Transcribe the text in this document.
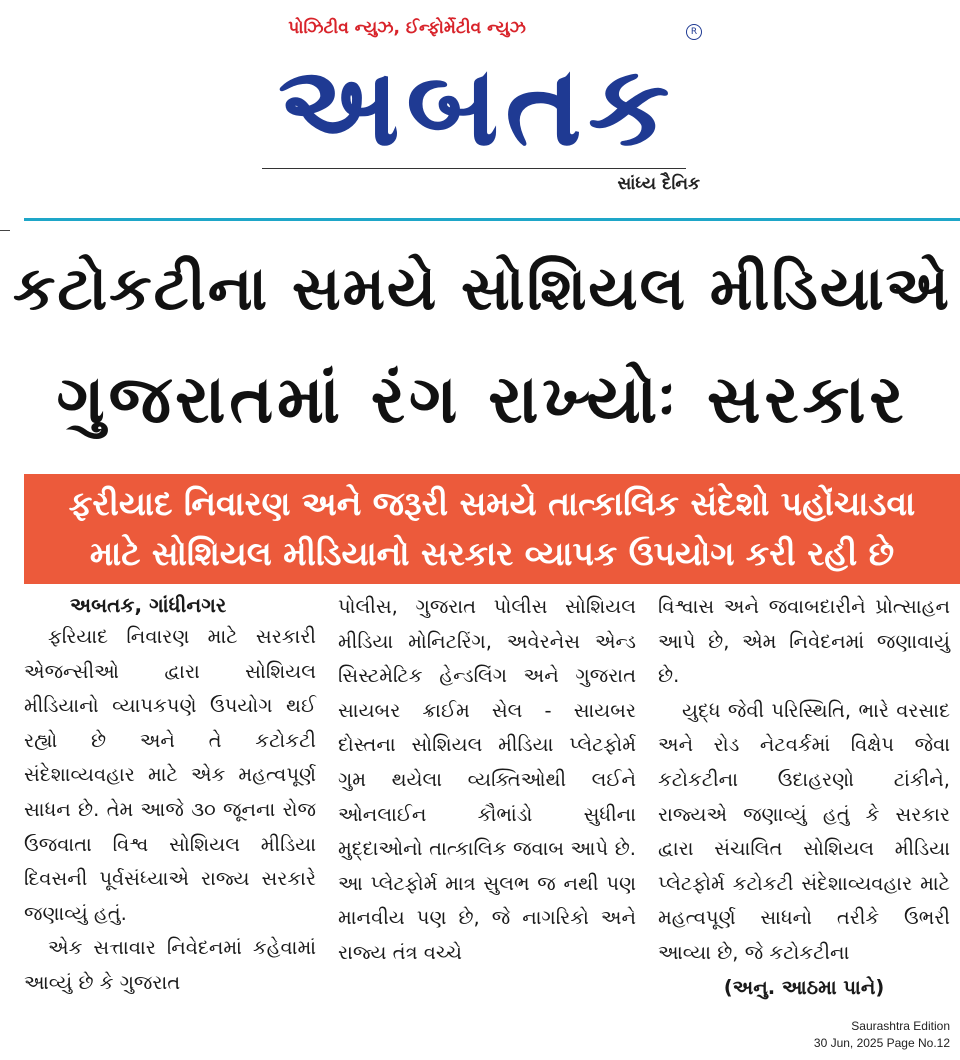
પોઝિટીવ ન્યુઝ, ઈન્ફોર્મેટીવ ન્યુઝ
અબતક
R
સાંધ્ય દૈનિક
કટોકટીના સમયે સોશિયલ મીડિયાએ
ગુજરાતમાં રંગ રાખ્યોઃ સરકાર
ફરીયાદ નિવારણ અને જરૂરી સમયે તાત્કાલિક સંદેશો પહોંચાડવા
માટે સોશિયલ મીડિયાનો સરકાર વ્યાપક ઉપયોગ કરી રહી છે

અબતક, ગાંધીનગર

ફરિયાદ નિવારણ માટે સરકારી એજન્સીઓ દ્વારા સોશિયલ મીડિયાનો વ્યાપકપણે ઉપયોગ થઈ રહ્યો છે અને તે કટોકટી સંદેશાવ્યવહાર માટે એક મહત્વપૂર્ણ સાધન છે. તેમ આજે ૩૦ જૂનના રોજ ઉજવાતા વિશ્વ સોશિયલ મીડિયા દિવસની પૂર્વસંધ્યાએ રાજ્ય સરકારે જણાવ્યું હતું.

એક સત્તાવાર નિવેદનમાં કહેવામાં આવ્યું છે કે ગુજરાત

પોલીસ, ગુજરાત પોલીસ સોશિયલ મીડિયા મોનિટરિંગ, અવેરનેસ એન્ડ સિસ્ટમેટિક હેન્ડલિંગ અને ગુજરાત સાયબર ક્રાઈમ સેલ - સાયબર દોસ્તના સોશિયલ મીડિયા પ્લેટફોર્મ ગુમ થયેલા વ્યક્તિઓથી લઈને ઓનલાઈન કૌભાંડો સુધીના મુદ્દાઓનો તાત્કાલિક જવાબ આપે છે. આ પ્લેટફોર્મ માત્ર સુલભ જ નથી પણ માનવીય પણ છે, જે નાગરિકો અને રાજ્ય તંત્ર વચ્ચે

વિશ્વાસ અને જવાબદારીને પ્રોત્સાહન આપે છે, એમ નિવેદનમાં જણાવાયું છે.

યુદ્ધ જેવી પરિસ્થિતિ, ભારે વરસાદ અને રોડ નેટવર્કમાં વિક્ષેપ જેવા કટોકટીના ઉદાહરણો ટાંકીને, રાજ્યએ જણાવ્યું હતું કે સરકાર દ્વારા સંચાલિત સોશિયલ મીડિયા પ્લેટફોર્મ કટોકટી સંદેશાવ્યવહાર માટે મહત્વપૂર્ણ સાધનો તરીકે ઉભરી આવ્યા છે, જે કટોકટીના

(અનુ. આઠમા પાને)

Saurashtra Edition
30 Jun, 2025 Page No.12
